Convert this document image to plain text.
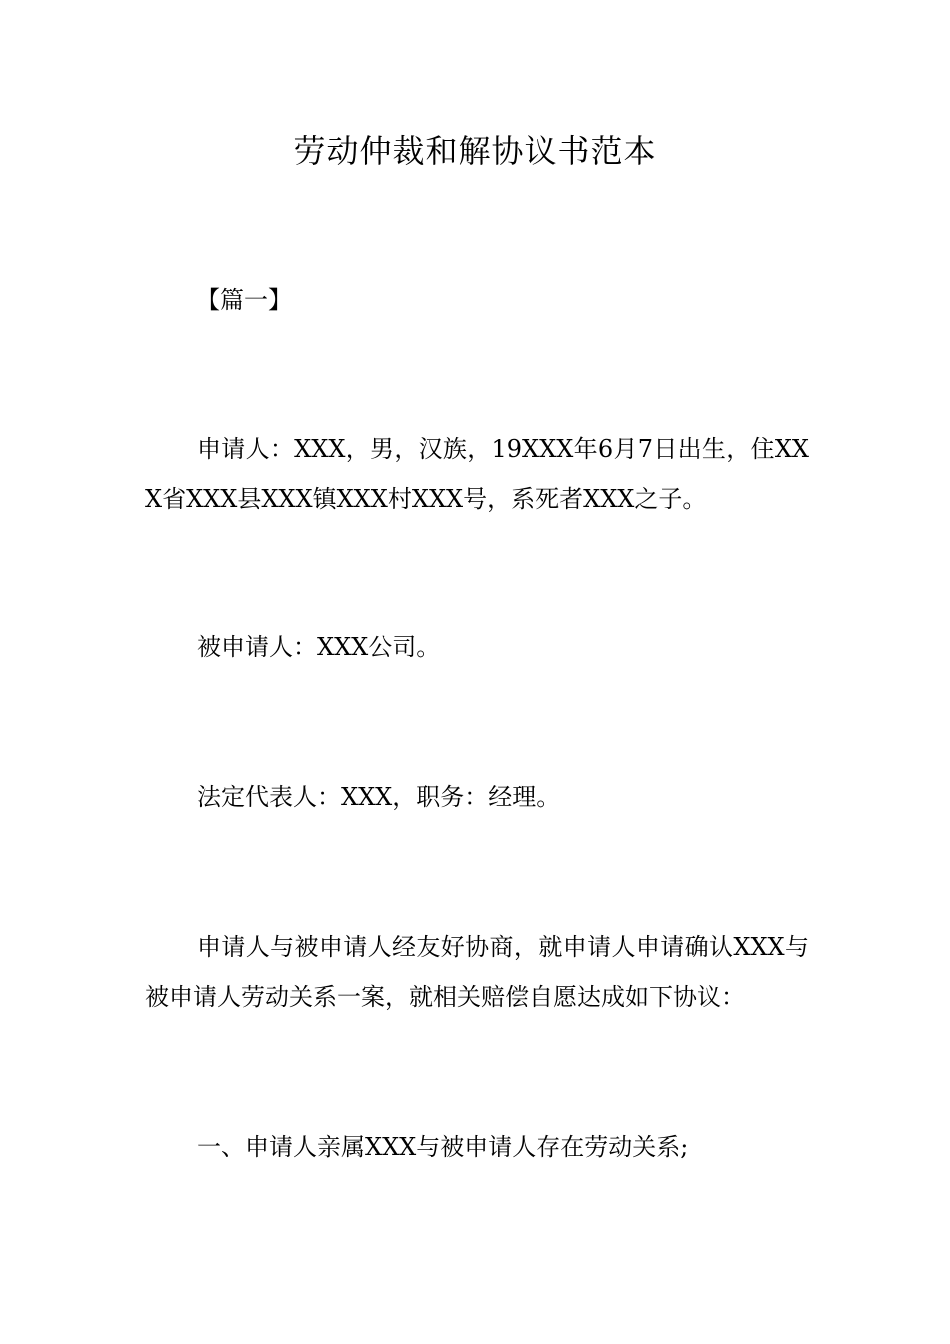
劳动仲裁和解协议书范本

【篇一】

申请人：XXX，男，汉族，19XXX年6月7日出生，住XXX省XXX县XXX镇XXX村XXX号，系死者XXX之子。

被申请人：XXX公司。

法定代表人：XXX，职务：经理。

申请人与被申请人经友好协商，就申请人申请确认XXX与被申请人劳动关系一案，就相关赔偿自愿达成如下协议：

一、申请人亲属XXX与被申请人存在劳动关系;
